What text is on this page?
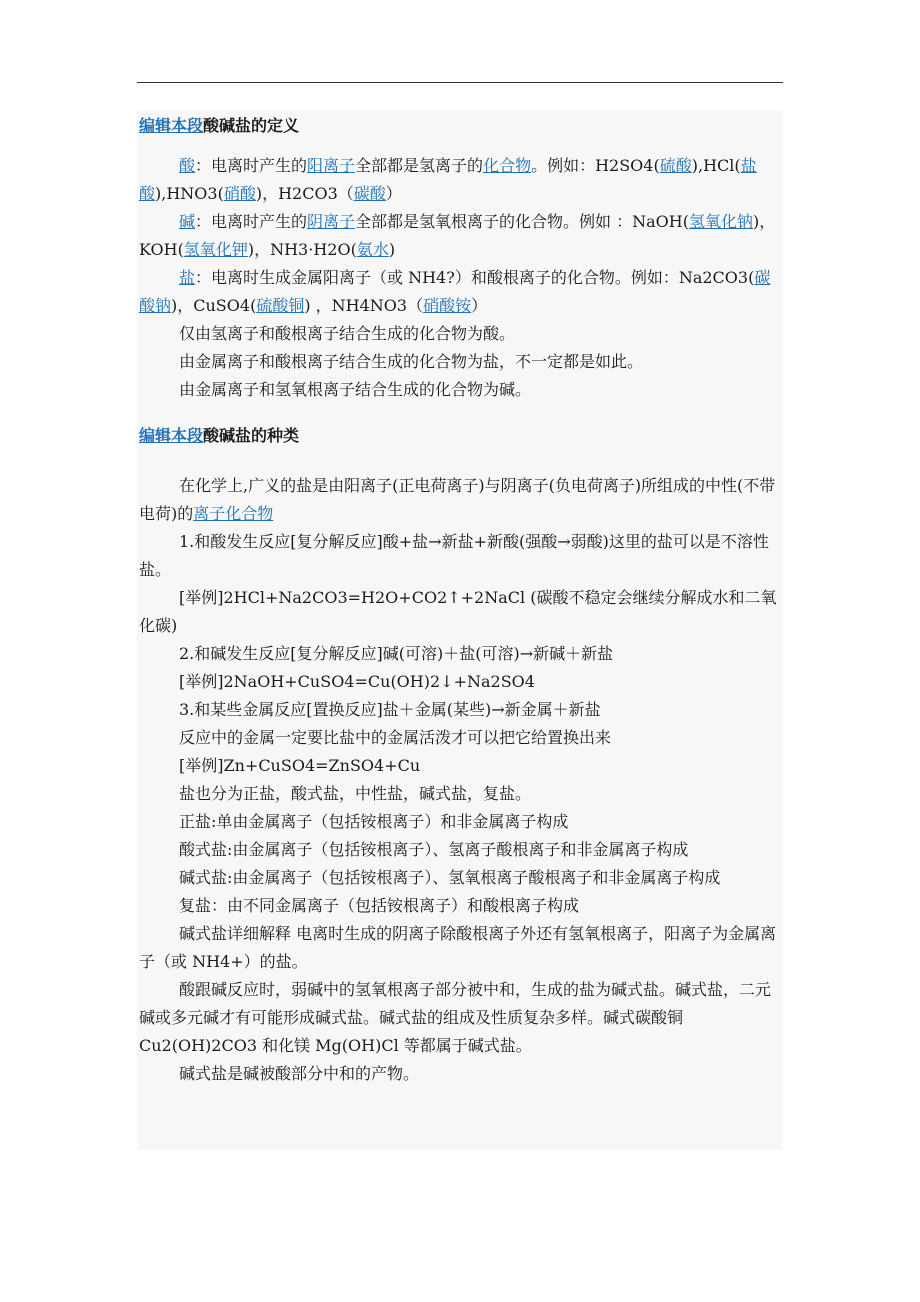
编辑本段酸碱盐的定义

酸：电离时产生的阳离子全部都是氢离子的化合物。例如：H2SO4(硫酸),HCl(盐酸),HNO3(硝酸)，H2CO3（碳酸）

碱：电离时产生的阴离子全部都是氢氧根离子的化合物。例如 ：NaOH(氢氧化钠)， KOH(氢氧化钾)，NH3·H2O(氨水)

盐：电离时生成金属阳离子（或 NH4?）和酸根离子的化合物。例如：Na2CO3(碳酸钠)，CuSO4(硫酸铜) ，NH4NO3（硝酸铵）

仅由氢离子和酸根离子结合生成的化合物为酸。

由金属离子和酸根离子结合生成的化合物为盐，不一定都是如此。

由金属离子和氢氧根离子结合生成的化合物为碱。

编辑本段酸碱盐的种类

在化学上,广义的盐是由阳离子(正电荷离子)与阴离子(负电荷离子)所组成的中性(不带电荷)的离子化合物

1.和酸发生反应[复分解反应]酸+盐→新盐+新酸(强酸→弱酸)这里的盐可以是不溶性盐。

[举例]2HCl+Na2CO3=H2O+CO2↑+2NaCl (碳酸不稳定会继续分解成水和二氧化碳)

2.和碱发生反应[复分解反应]碱(可溶)＋盐(可溶)→新碱＋新盐

[举例]2NaOH+CuSO4=Cu(OH)2↓+Na2SO4

3.和某些金属反应[置换反应]盐＋金属(某些)→新金属＋新盐

反应中的金属一定要比盐中的金属活泼才可以把它给置换出来

[举例]Zn+CuSO4=ZnSO4+Cu

盐也分为正盐，酸式盐，中性盐，碱式盐，复盐。

正盐:单由金属离子（包括铵根离子）和非金属离子构成

酸式盐:由金属离子（包括铵根离子）、氢离子酸根离子和非金属离子构成

碱式盐:由金属离子（包括铵根离子）、氢氧根离子酸根离子和非金属离子构成

复盐：由不同金属离子（包括铵根离子）和酸根离子构成

碱式盐详细解释 电离时生成的阴离子除酸根离子外还有氢氧根离子，阳离子为金属离子（或 NH4+）的盐。

酸跟碱反应时，弱碱中的氢氧根离子部分被中和，生成的盐为碱式盐。碱式盐，二元碱或多元碱才有可能形成碱式盐。碱式盐的组成及性质复杂多样。碱式碳酸铜 Cu2(OH)2CO3 和化镁 Mg(OH)Cl 等都属于碱式盐。

碱式盐是碱被酸部分中和的产物。
